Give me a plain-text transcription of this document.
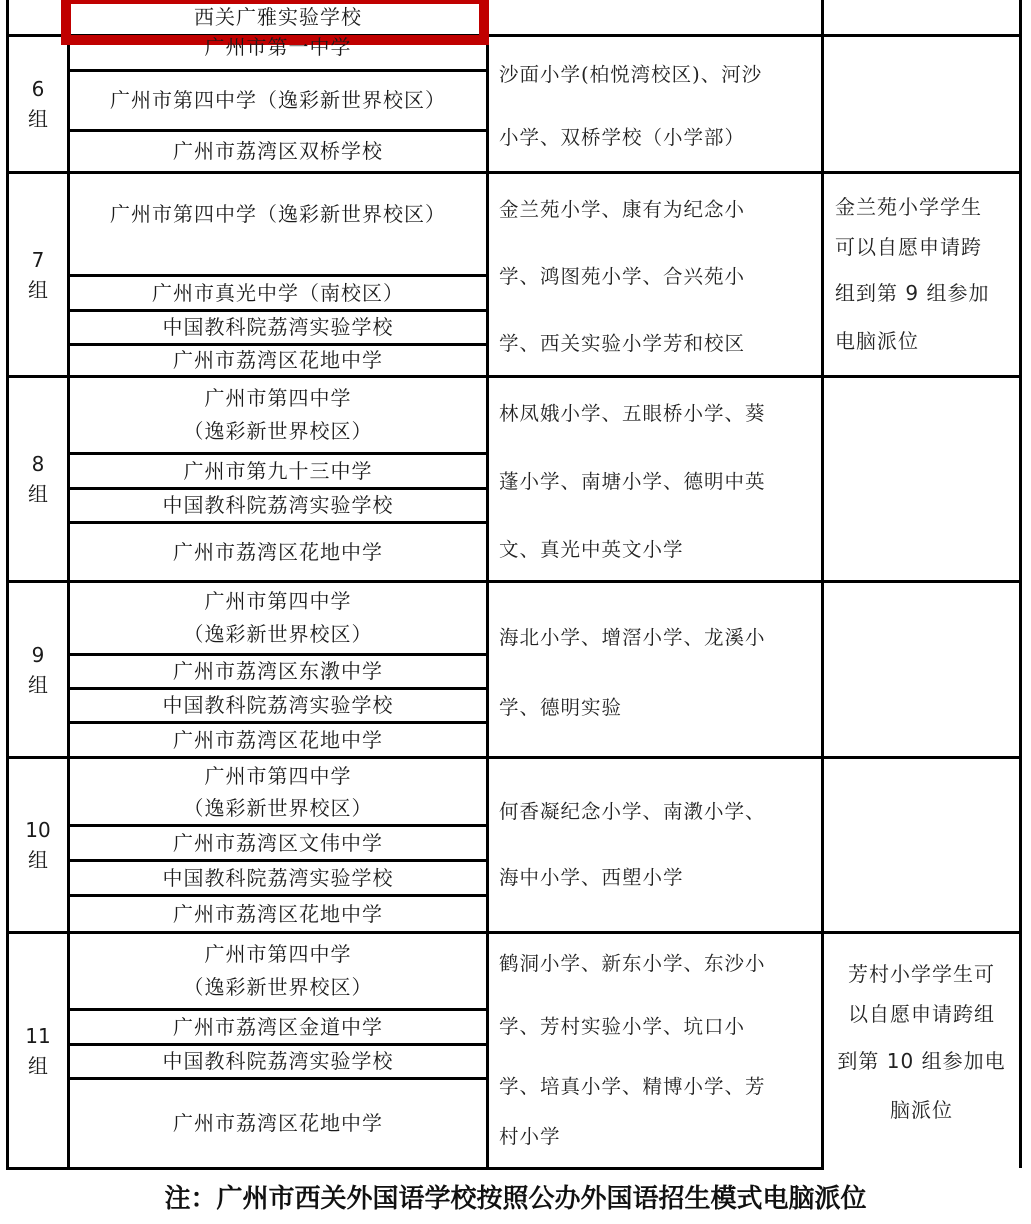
西关广雅实验学校
6
组
广州市第一中学
广州市第四中学（逸彩新世界校区）
广州市荔湾区双桥学校
沙面小学(柏悦湾校区)、河沙
小学、双桥学校（小学部）
7
组
广州市第四中学（逸彩新世界校区）
广州市真光中学（南校区）
中国教科院荔湾实验学校
广州市荔湾区花地中学
金兰苑小学、康有为纪念小
学、鸿图苑小学、合兴苑小
学、西关实验小学芳和校区
金兰苑小学学生
可以自愿申请跨
组到第 9 组参加
电脑派位
8
组
广州市第四中学
（逸彩新世界校区）
广州市第九十三中学
中国教科院荔湾实验学校
广州市荔湾区花地中学
林凤娥小学、五眼桥小学、葵
蓬小学、南塘小学、德明中英
文、真光中英文小学
9
组
广州市第四中学
（逸彩新世界校区）
广州市荔湾区东漖中学
中国教科院荔湾实验学校
广州市荔湾区花地中学
海北小学、增滘小学、龙溪小
学、德明实验
10
组
广州市第四中学
（逸彩新世界校区）
广州市荔湾区文伟中学
中国教科院荔湾实验学校
广州市荔湾区花地中学
何香凝纪念小学、南漖小学、
海中小学、西塱小学
11
组
广州市第四中学
（逸彩新世界校区）
广州市荔湾区金道中学
中国教科院荔湾实验学校
广州市荔湾区花地中学
鹤洞小学、新东小学、东沙小
学、芳村实验小学、坑口小
学、培真小学、精博小学、芳
村小学
芳村小学学生可
以自愿申请跨组
到第 10 组参加电
脑派位
注：广州市西关外国语学校按照公办外国语招生模式电脑派位
